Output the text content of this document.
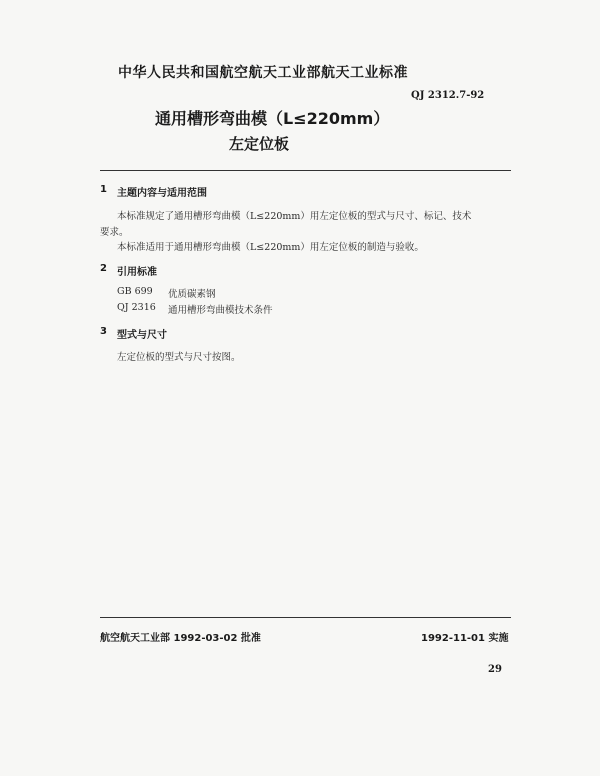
中华人民共和国航空航天工业部航天工业标准
QJ 2312.7-92
通用槽形弯曲模（L≤220mm）
左定位板
1 主题内容与适用范围
本标准规定了通用槽形弯曲模（L≤220mm）用左定位板的型式与尺寸、标记、技术
要求。
本标准适用于通用槽形弯曲模（L≤220mm）用左定位板的制造与验收。
2 引用标准
GB 699 优质碳素钢
QJ 2316 通用槽形弯曲模技术条件
3 型式与尺寸
左定位板的型式与尺寸按图。
航空航天工业部 1992-03-02 批准	1992-11-01 实施
29
